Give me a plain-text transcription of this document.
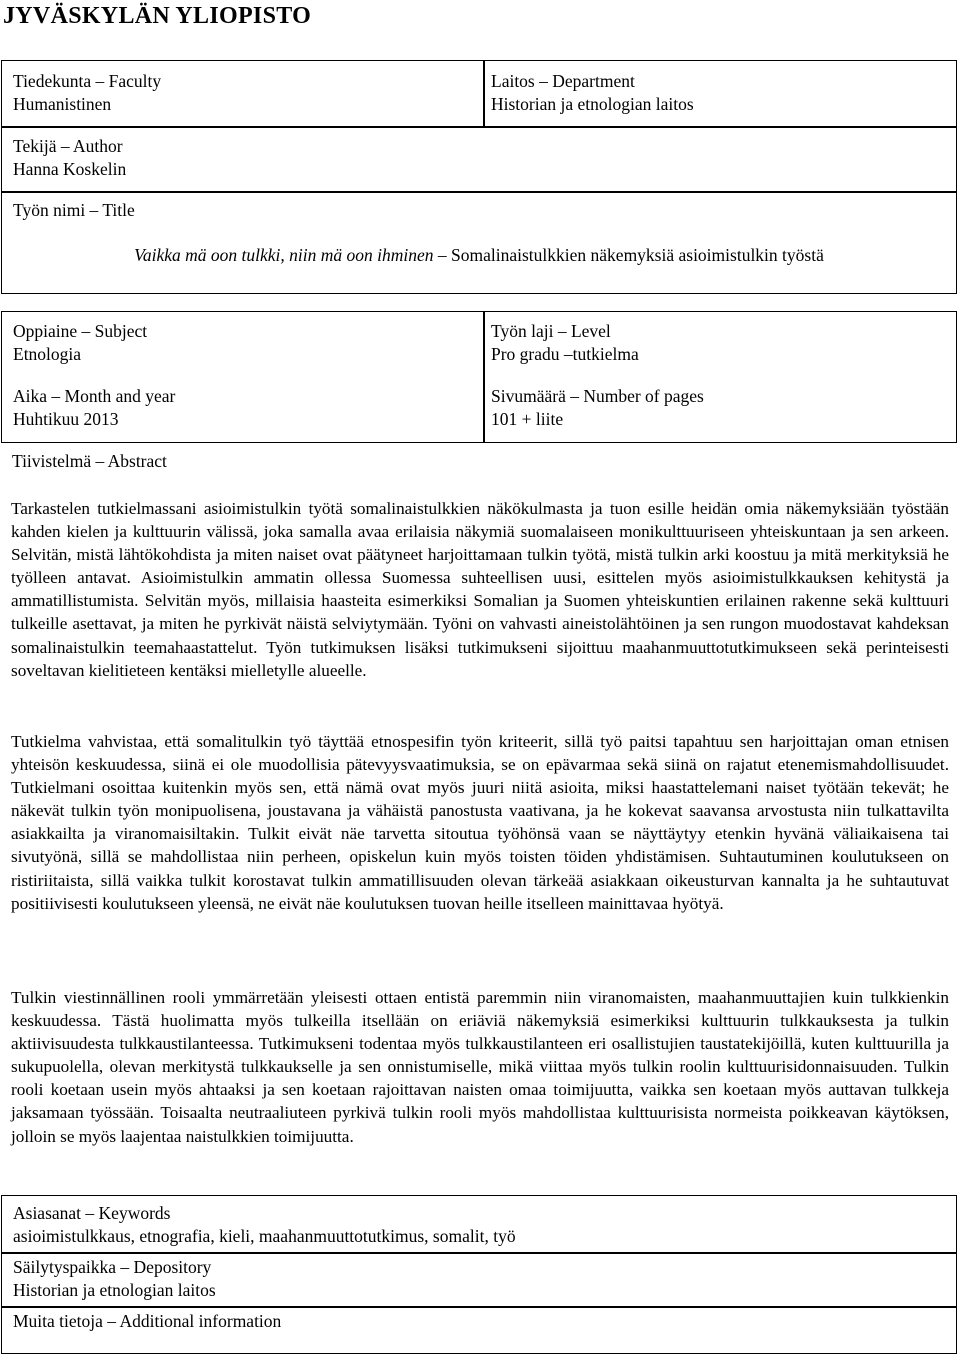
JYVÄSKYLÄN YLIOPISTO
Tiedekunta – Faculty
Humanistinen
Laitos – Department
Historian ja etnologian laitos
Tekijä – Author
Hanna Koskelin
Työn nimi – Title
Vaikka mä oon tulkki, niin mä oon ihminen – Somalinaistulkkien näkemyksiä asioimistulkin työstä
Oppiaine – Subject
Etnologia
Työn laji – Level
Pro gradu –tutkielma
Aika – Month and year
Huhtikuu 2013
Sivumäärä – Number of pages
101 + liite
Tiivistelmä – Abstract

Tarkastelen tutkielmassani asioimistulkin työtä somalinaistulkkien näkökulmasta ja tuon esille heidän omia näkemyksiään työstään kahden kielen ja kulttuurin välissä, joka samalla avaa erilaisia näkymiä suomalaiseen monikulttuuriseen yhteiskuntaan ja sen arkeen. Selvitän, mistä lähtökohdista ja miten naiset ovat päätyneet harjoittamaan tulkin työtä, mistä tulkin arki koostuu ja mitä merkityksiä he työlleen antavat. Asioimistulkin ammatin ollessa Suomessa suhteellisen uusi, esittelen myös asioimistulkkauksen kehitystä ja ammatillistumista. Selvitän myös, millaisia haasteita esimerkiksi Somalian ja Suomen yhteiskuntien erilainen rakenne sekä kulttuuri tulkeille asettavat, ja miten he pyrkivät näistä selviytymään. Työni on vahvasti aineistolähtöinen ja sen rungon muodostavat kahdeksan somalinaistulkin teemahaastattelut. Työn tutkimuksen lisäksi tutkimukseni sijoittuu maahanmuuttotutkimukseen sekä perinteisesti soveltavan kielitieteen kentäksi mielletylle alueelle.

Tutkielma vahvistaa, että somalitulkin työ täyttää etnospesifin työn kriteerit, sillä työ paitsi tapahtuu sen harjoittajan oman etnisen yhteisön keskuudessa, siinä ei ole muodollisia pätevyysvaatimuksia, se on epävarmaa sekä siinä on rajatut etenemismahdollisuudet. Tutkielmani osoittaa kuitenkin myös sen, että nämä ovat myös juuri niitä asioita, miksi haastattelemani naiset työtään tekevät; he näkevät tulkin työn monipuolisena, joustavana ja vähäistä panostusta vaativana, ja he kokevat saavansa arvostusta niin tulkattavilta asiakkailta ja viranomaisiltakin. Tulkit eivät näe tarvetta sitoutua työhönsä vaan se näyttäytyy etenkin hyvänä väliaikaisena tai sivutyönä, sillä se mahdollistaa niin perheen, opiskelun kuin myös toisten töiden yhdistämisen. Suhtautuminen koulutukseen on ristiriitaista, sillä vaikka tulkit korostavat tulkin ammatillisuuden olevan tärkeää asiakkaan oikeusturvan kannalta ja he suhtautuvat positiivisesti koulutukseen yleensä, ne eivät näe koulutuksen tuovan heille itselleen mainittavaa hyötyä.

Tulkin viestinnällinen rooli ymmärretään yleisesti ottaen entistä paremmin niin viranomaisten, maahanmuuttajien kuin tulkkienkin keskuudessa. Tästä huolimatta myös tulkeilla itsellään on eriäviä näkemyksiä esimerkiksi kulttuurin tulkkauksesta ja tulkin aktiivisuudesta tulkkaustilanteessa. Tutkimukseni todentaa myös tulkkaustilanteen eri osallistujien taustatekijöillä, kuten kulttuurilla ja sukupuolella, olevan merkitystä tulkkaukselle ja sen onnistumiselle, mikä viittaa myös tulkin roolin kulttuurisidonnaisuuden. Tulkin rooli koetaan usein myös ahtaaksi ja sen koetaan rajoittavan naisten omaa toimijuutta, vaikka sen koetaan myös auttavan tulkkeja jaksamaan työssään. Toisaalta neutraaliuteen pyrkivä tulkin rooli myös mahdollistaa kulttuurisista normeista poikkeavan käytöksen, jolloin se myös laajentaa naistulkkien toimijuutta.

Asiasanat – Keywords
asioimistulkkaus, etnografia, kieli, maahanmuuttotutkimus, somalit, työ
Säilytyspaikka – Depository
Historian ja etnologian laitos
Muita tietoja – Additional information
